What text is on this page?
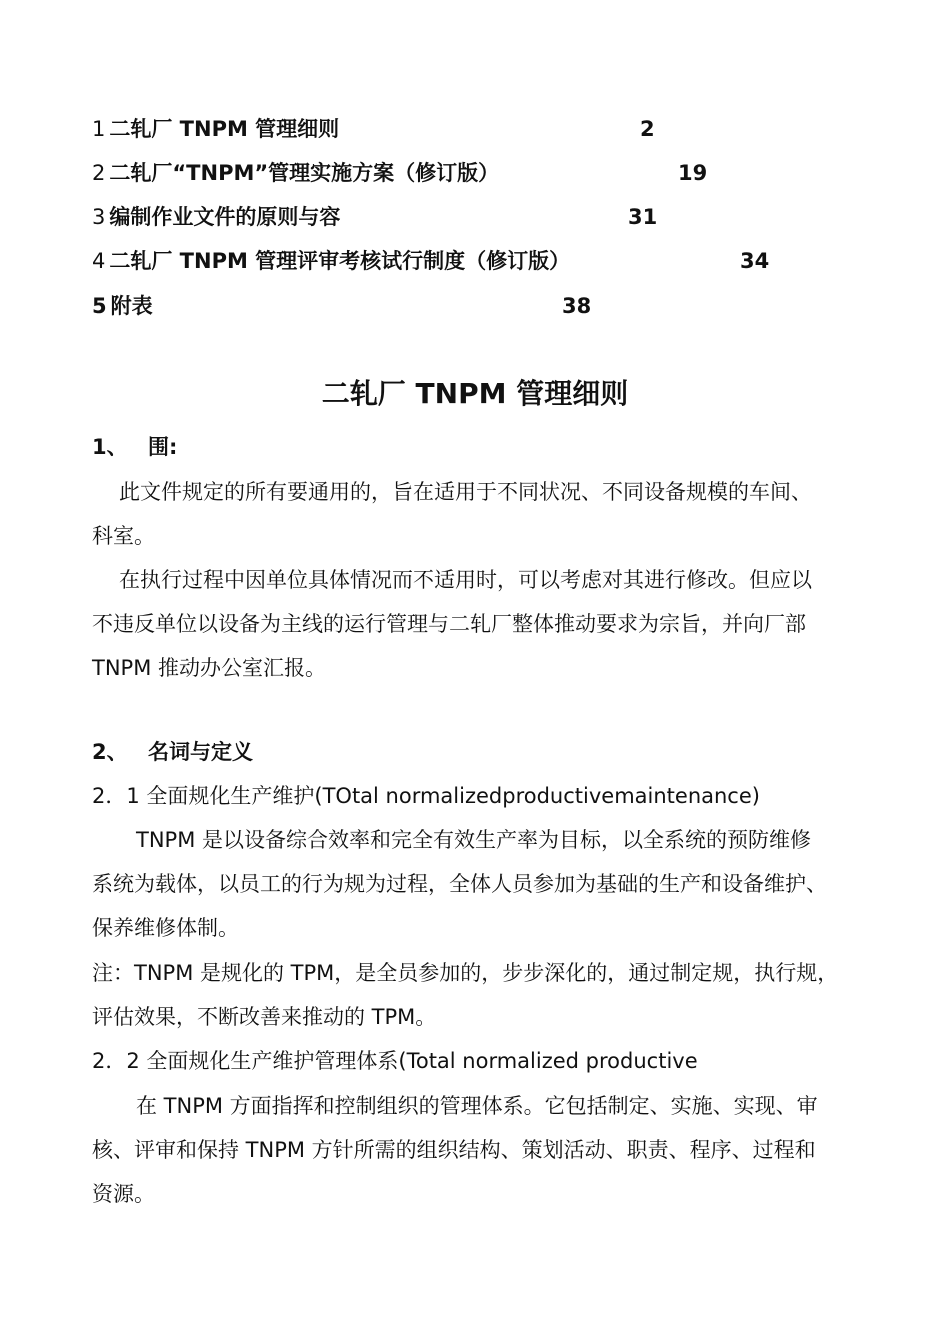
1 二轧厂 TNPM 管理细则	2
2 二轧厂“TNPM”管理实施方案（修订版）	19
3 编制作业文件的原则与容	31
4 二轧厂 TNPM 管理评审考核试行制度（修订版）	34
5 附表	38
二轧厂 TNPM 管理细则
1、 围:
此文件规定的所有要通用的，旨在适用于不同状况、不同设备规模的车间、
科室。
在执行过程中因单位具体情况而不适用时，可以考虑对其进行修改。但应以
不违反单位以设备为主线的运行管理与二轧厂整体推动要求为宗旨，并向厂部
TNPM 推动办公室汇报。
2、 名词与定义
2．1 全面规化生产维护(TOtal normalizedproductivemaintenance)
TNPM 是以设备综合效率和完全有效生产率为目标，以全系统的预防维修
系统为载体，以员工的行为规为过程，全体人员参加为基础的生产和设备维护、
保养维修体制。
注：TNPM 是规化的 TPM，是全员参加的，步步深化的，通过制定规，执行规，
评估效果，不断改善来推动的 TPM。
2．2 全面规化生产维护管理体系(Total normalized productive
在 TNPM 方面指挥和控制组织的管理体系。它包括制定、实施、实现、审
核、评审和保持 TNPM 方针所需的组织结构、策划活动、职责、程序、过程和
资源。
